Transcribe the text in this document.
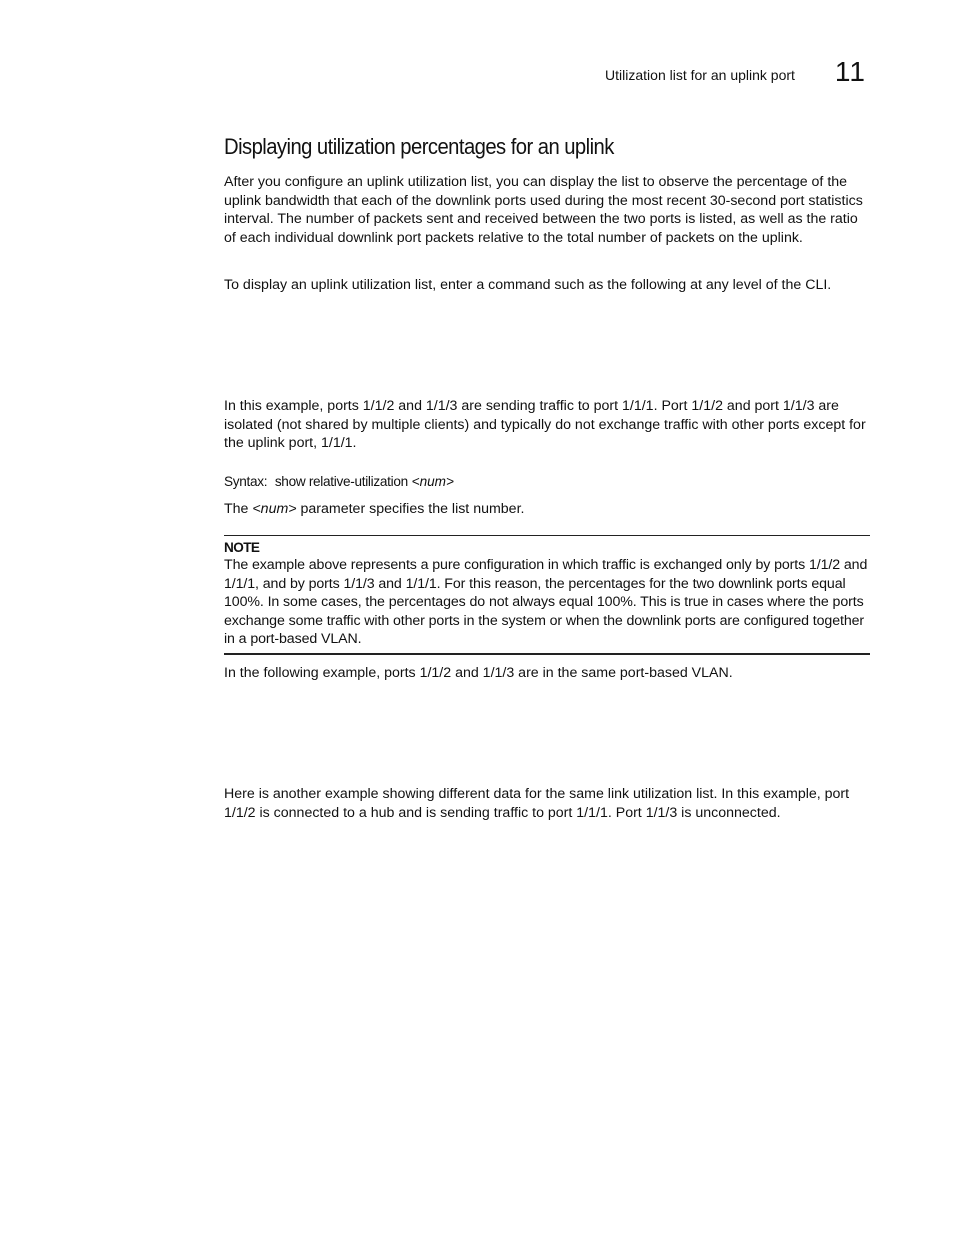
Utilization list for an uplink port 11
Displaying utilization percentages for an uplink

After you configure an uplink utilization list, you can display the list to observe the percentage of the uplink bandwidth that each of the downlink ports used during the most recent 30-second port statistics interval. The number of packets sent and received between the two ports is listed, as well as the ratio of each individual downlink port packets relative to the total number of packets on the uplink.

To display an uplink utilization list, enter a command such as the following at any level of the CLI.

In this example, ports 1/1/2 and 1/1/3 are sending traffic to port 1/1/1. Port 1/1/2 and port 1/1/3 are isolated (not shared by multiple clients) and typically do not exchange traffic with other ports except for the uplink port, 1/1/1.

Syntax: show relative-utilization <num>

The <num> parameter specifies the list number.

NOTE

The example above represents a pure configuration in which traffic is exchanged only by ports 1/1/2 and 1/1/1, and by ports 1/1/3 and 1/1/1. For this reason, the percentages for the two downlink ports equal 100%. In some cases, the percentages do not always equal 100%. This is true in cases where the ports exchange some traffic with other ports in the system or when the downlink ports are configured together in a port-based VLAN.

In the following example, ports 1/1/2 and 1/1/3 are in the same port-based VLAN.

Here is another example showing different data for the same link utilization list. In this example, port 1/1/2 is connected to a hub and is sending traffic to port 1/1/1. Port 1/1/3 is unconnected.
